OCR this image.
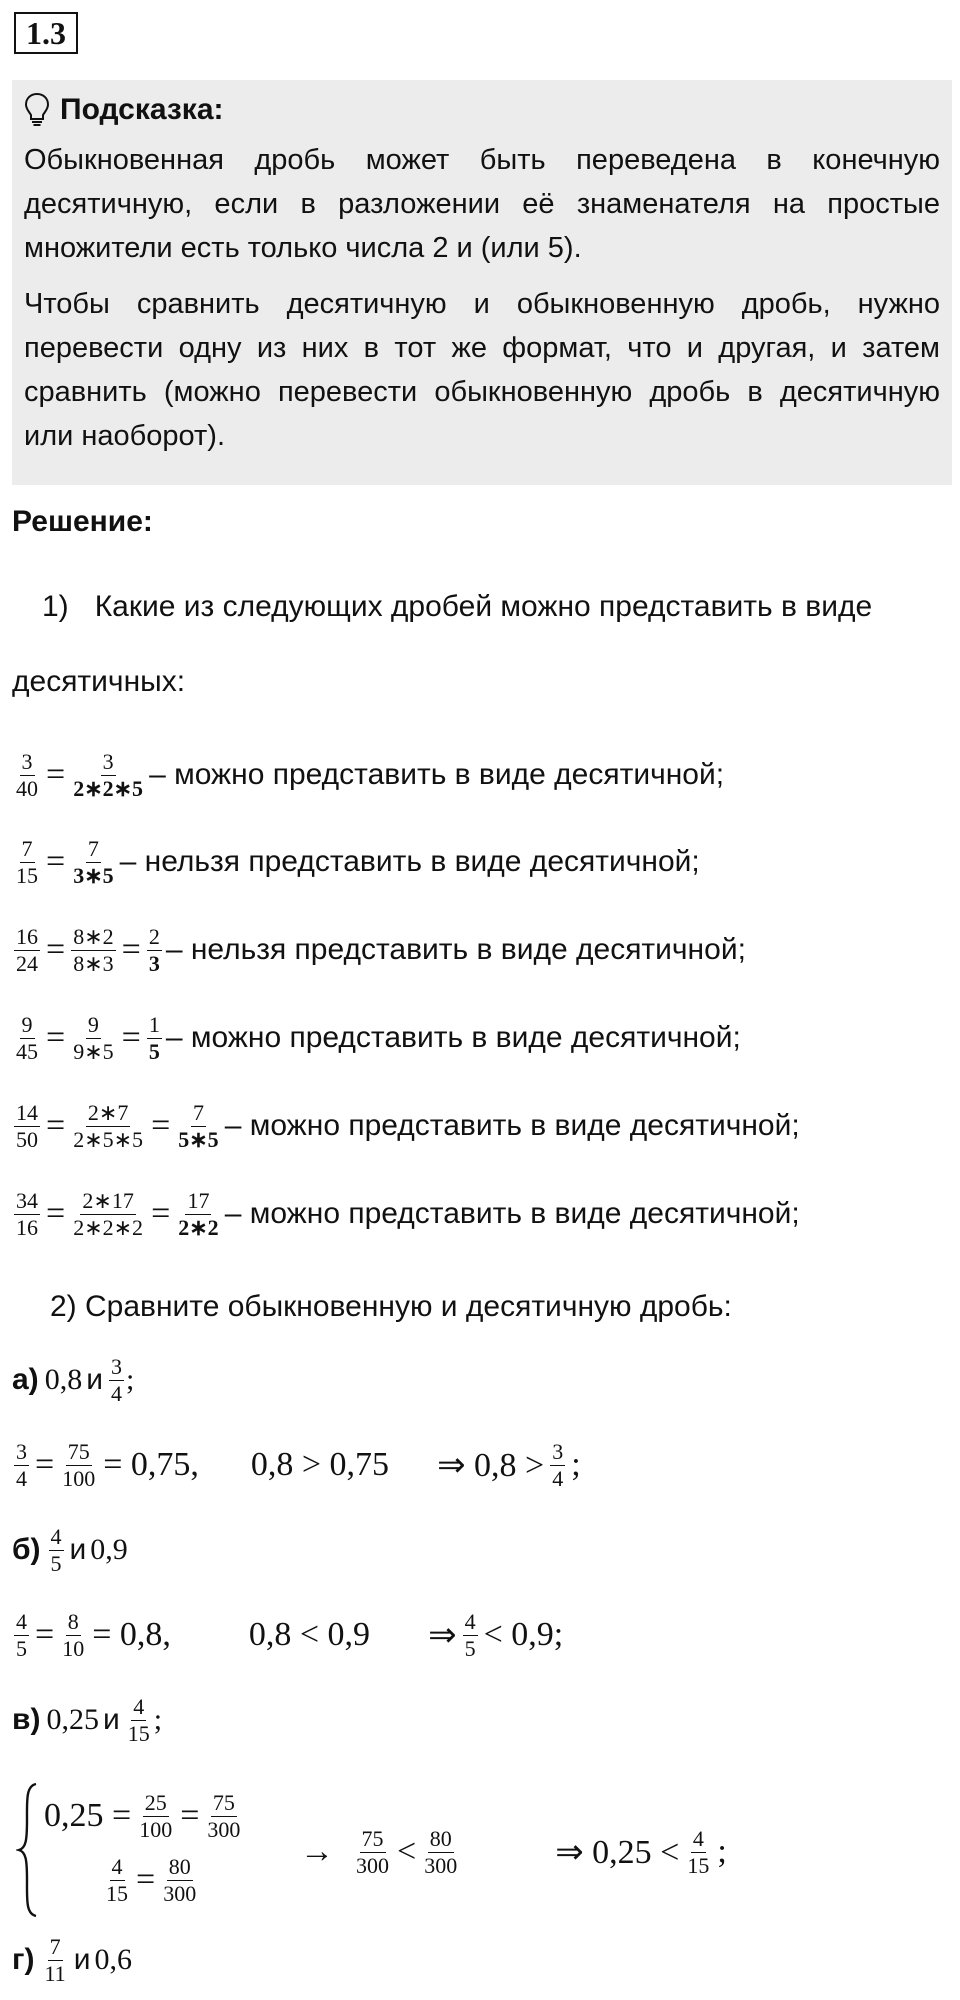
1.3
Подсказка:

Обыкновенная дробь может быть переведена в конечную десятичную, если в разложении её знаменателя на простые множители есть только числа 2 и (или 5).

Чтобы сравнить десятичную и обыкновенную дробь, нужно перевести одну из них в тот же формат, что и другая, и затем сравнить (можно перевести обыкновенную дробь в десятичную или наоборот).

Решение:
1) Какие из следующих дробей можно представить в виде
десятичных:
$\frac{3}{40} = \frac{3}{2∗2∗5}$ – можно представить в виде десятичной;
$\frac{7}{15} = \frac{7}{3∗5}$ – нельзя представить в виде десятичной;
$\frac{16}{24} = \frac{8∗2}{8∗3} = \frac{2}{3}$ – нельзя представить в виде десятичной;
$\frac{9}{45} = \frac{9}{9∗5} = \frac{1}{5}$ – можно представить в виде десятичной;
$\frac{14}{50} = \frac{2∗7}{2∗5∗5} = \frac{7}{5∗5}$ – можно представить в виде десятичной;
$\frac{34}{16} = \frac{2∗17}{2∗2∗2} = \frac{17}{2∗2}$ – можно представить в виде десятичной;
2) Сравните обыкновенную и десятичную дробь:
а) 0,8 и $\frac{3}{4}$ ;
$\frac{3}{4} = \frac{75}{100} = 0,75$, 0,8 > 0,75 ⇒ $0,8 > \frac{3}{4}$ ;
$б) \frac{4}{5}$ и 0,9
$\frac{4}{5} = \frac{8}{10} = 0,8$, 0,8 < 0,9 ⇒ $\frac{4}{5} < 0,9$;
в) 0,25 и $\frac{4}{15}$ ;
$0,25 = \frac{25}{100} = \frac{75}{300}$
$\frac{4}{15} = \frac{80}{300}$
→ $\frac{75}{300} < \frac{80}{300}$	⇒ $0,25 < \frac{4}{15}$ ;
$г) \frac{7}{11}$ и 0,6
